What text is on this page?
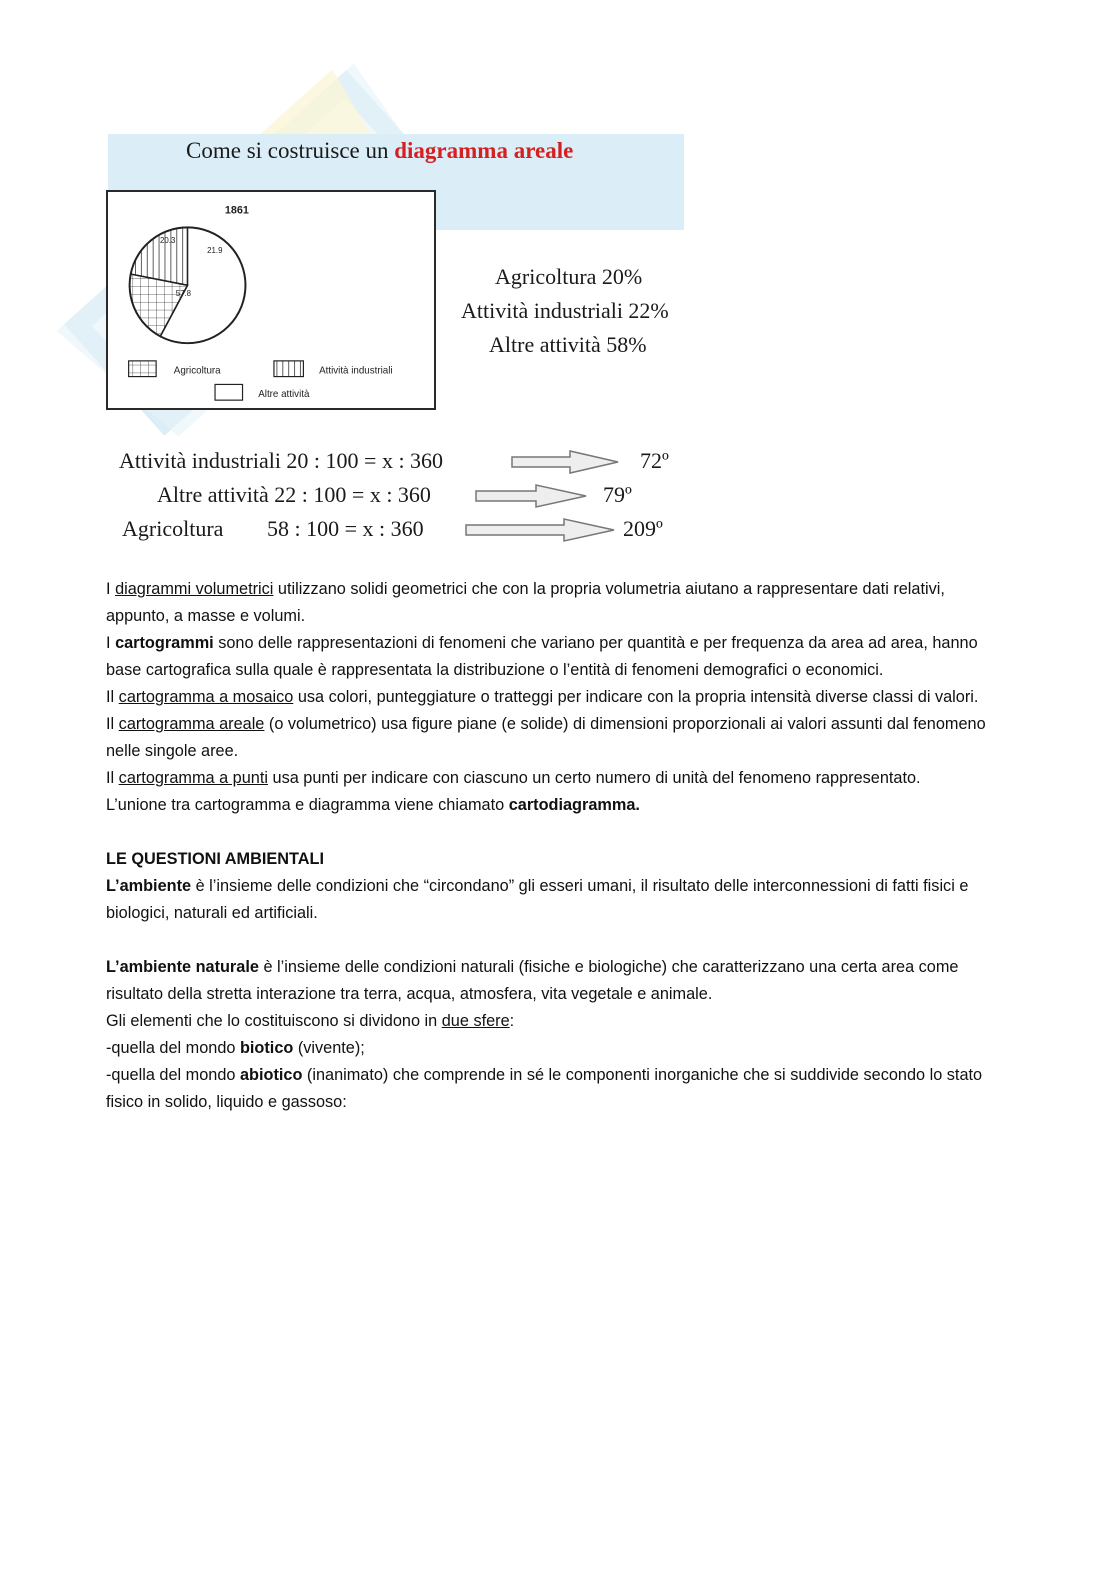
Come si costruisce un diagramma areale
1861
20.3
21.9
57.8
Agricoltura	Attività industriali
Altre attività
Agricoltura 20%
Attività industriali 22%
Altre attività 58%
Attività industriali 20 : 100 = x : 360	72º
Altre attività 22 : 100 = x : 360	79º
Agricoltura 58 : 100 = x : 360	209º

I diagrammi volumetrici utilizzano solidi geometrici che con la propria volumetria aiutano a rappresentare dati relativi, appunto, a masse e volumi.

I cartogrammi sono delle rappresentazioni di fenomeni che variano per quantità e per frequenza da area ad area, hanno base cartografica sulla quale è rappresentata la distribuzione o l’entità di fenomeni demografici o economici.

Il cartogramma a mosaico usa colori, punteggiature o tratteggi per indicare con la propria intensità diverse classi di valori.

Il cartogramma areale (o volumetrico) usa figure piane (e solide) di dimensioni proporzionali ai valori assunti dal fenomeno nelle singole aree.

Il cartogramma a punti usa punti per indicare con ciascuno un certo numero di unità del fenomeno rappresentato.

L’unione tra cartogramma e diagramma viene chiamato cartodiagramma.

LE QUESTIONI AMBIENTALI

L’ambiente è l’insieme delle condizioni che “circondano” gli esseri umani, il risultato delle interconnessioni di fatti fisici e biologici, naturali ed artificiali.

L’ambiente naturale è l’insieme delle condizioni naturali (fisiche e biologiche) che caratterizzano una certa area come risultato della stretta interazione tra terra, acqua, atmosfera, vita vegetale e animale.

Gli elementi che lo costituiscono si dividono in due sfere:

-quella del mondo biotico (vivente);

-quella del mondo abiotico (inanimato) che comprende in sé le componenti inorganiche che si suddivide secondo lo stato fisico in solido, liquido e gassoso:
